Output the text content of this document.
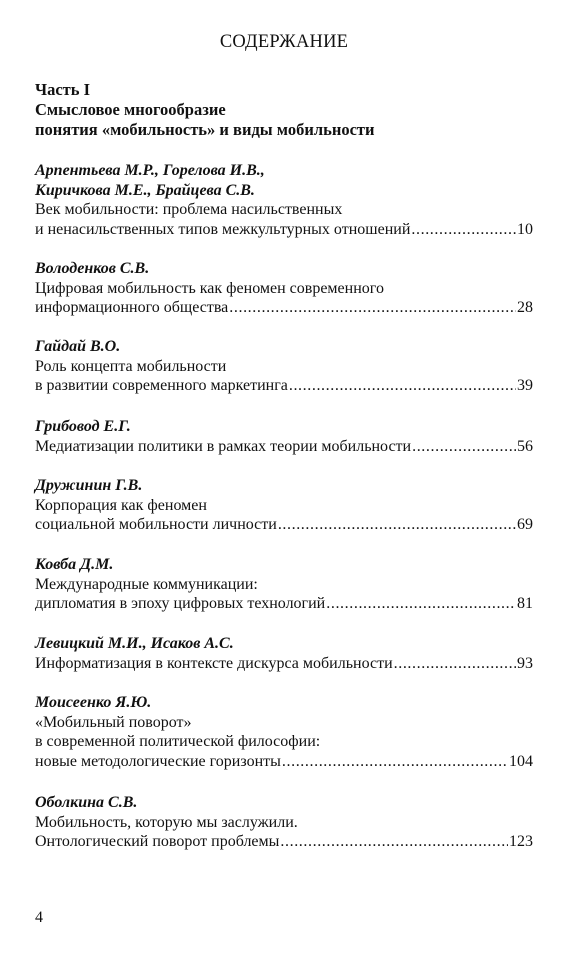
СОДЕРЖАНИЕ
Часть I
Смысловое многообразие
понятия «мобильность» и виды мобильности
Арпентьева М.Р., Горелова И.В.,
Киричкова М.Е., Брайцева С.В.
Век мобильности: проблема насильственных
и ненасильственных типов межкультурных отношений .....	10
Володенков С.В.
Цифровая мобильность как феномен современного
информационного общества .....	28
Гайдай В.О.
Роль концепта мобильности
в развитии современного маркетинга .....	39
Грибовод Е.Г.
Медиатизации политики в рамках теории мобильности .....	56
Дружинин Г.В.
Корпорация как феномен
социальной мобильности личности .....	69
Ковба Д.М.
Международные коммуникации:
дипломатия в эпоху цифровых технологий .....	81
Левицкий М.И., Исаков А.С.
Информатизация в контексте дискурса мобильности .....	93
Моисеенко Я.Ю.
«Мобильный поворот»
в современной политической философии:
новые методологические горизонты .....	104
Оболкина С.В.
Мобильность, которую мы заслужили.
Онтологический поворот проблемы .....	123
4
